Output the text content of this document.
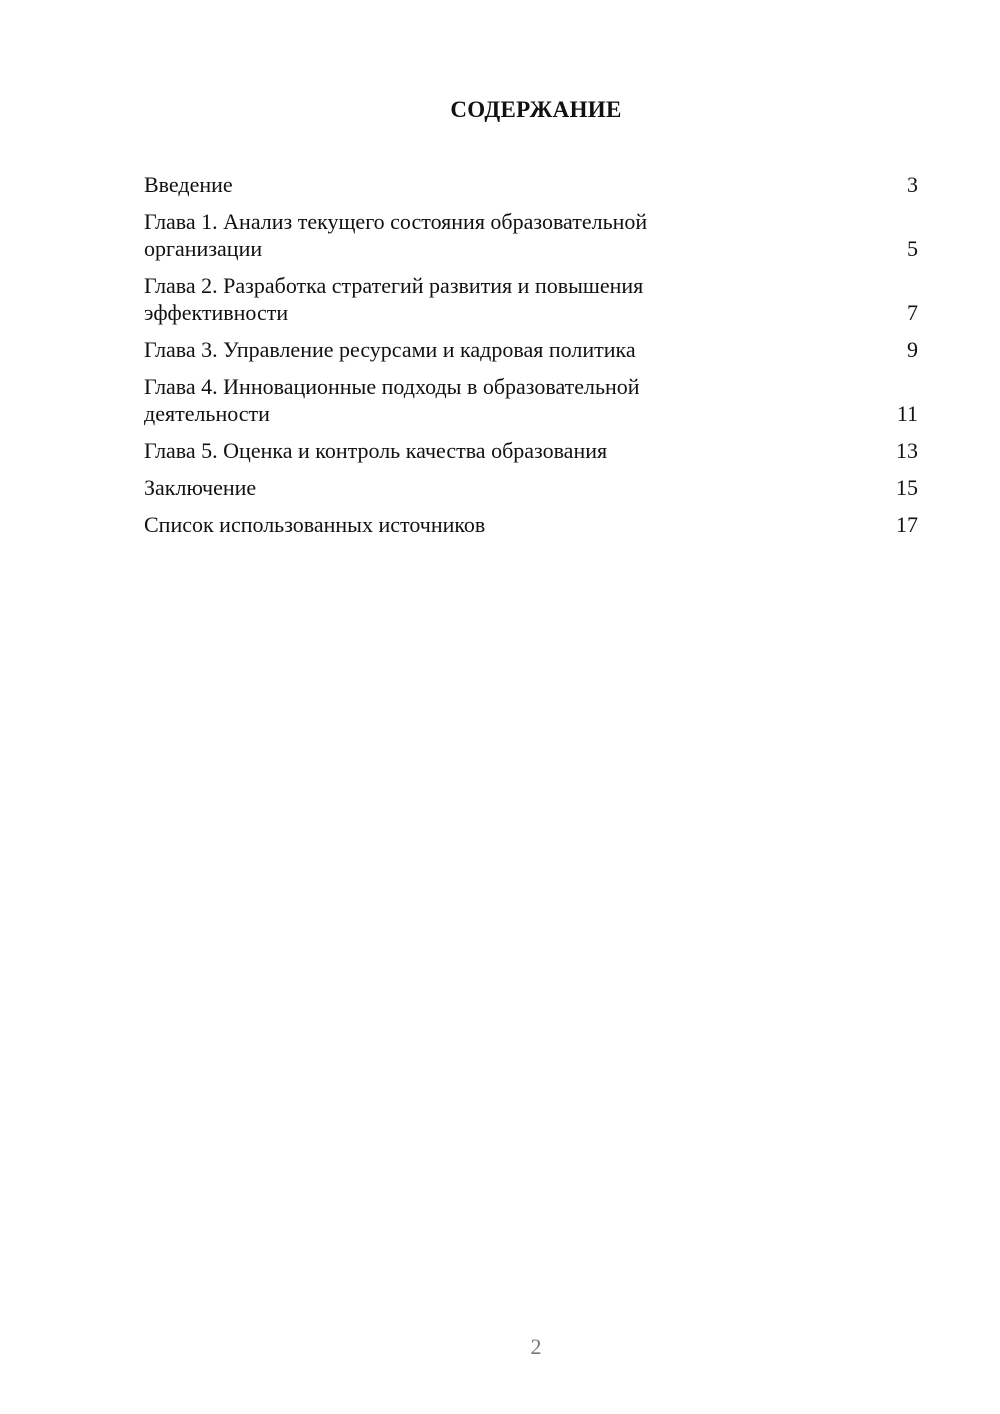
СОДЕРЖАНИЕ
Введение	3
Глава 1. Анализ текущего состояния образовательной организации	5
Глава 2. Разработка стратегий развития и повышения эффективности	7
Глава 3. Управление ресурсами и кадровая политика	9
Глава 4. Инновационные подходы в образовательной деятельности	11
Глава 5. Оценка и контроль качества образования	13
Заключение	15
Список использованных источников	17
2
